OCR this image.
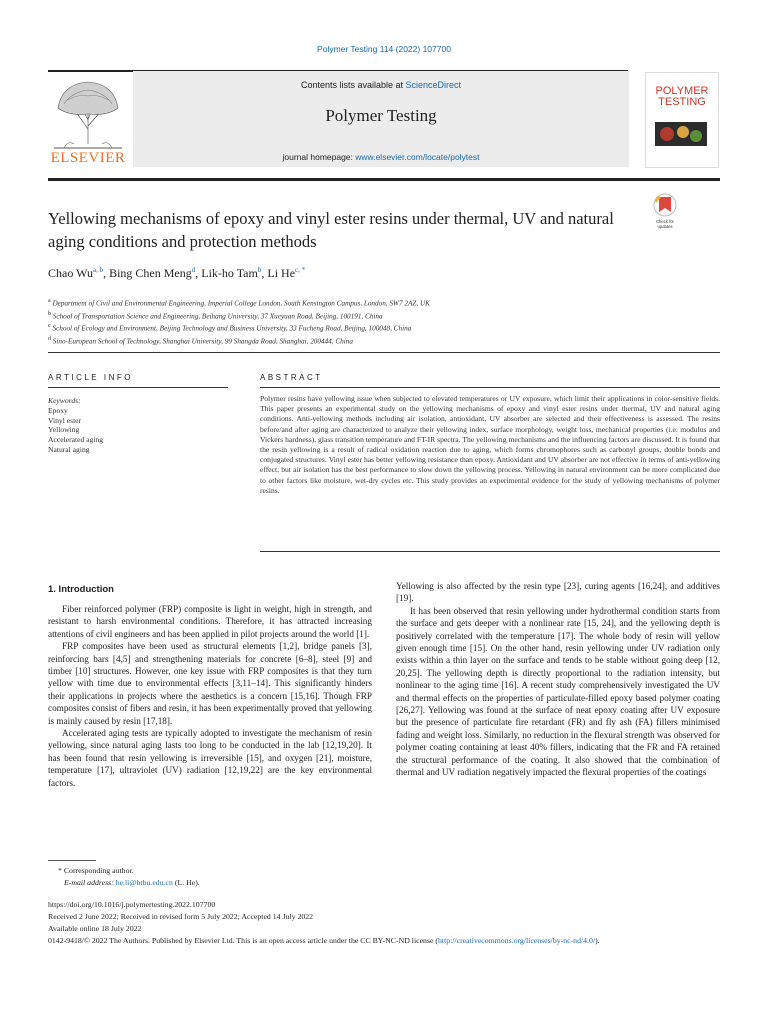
Polymer Testing 114 (2022) 107700
ELSEVIER
Contents lists available at ScienceDirect
Polymer Testing
journal homepage: www.elsevier.com/locate/polytest
POLYMER
TESTING
Yellowing mechanisms of epoxy and vinyl ester resins under thermal, UV and natural aging conditions and protection methods
Check for
updates
Chao Wu$^{a, b}$, Bing Chen Meng$^d$, Lik-ho Tam$^b$, Li $He^{c, *}$
$^a$ Department of Civil and Environmental Engineering, Imperial College London, South Kensington Campus, London, SW7 2AZ, UK
$^b$ School of Transportation Science and Engineering, Beihang University, 37 Xueyuan Road, Beijing, 100191, China
$^c$ School of Ecology and Environment, Beijing Technology and Business University, 33 Fucheng Road, Beijing, 100048, China
$^d$ Sino-European School of Technology, Shanghai University, 99 Shangda Road, Shanghai, 200444, China
ARTICLE INFO
Keywords:
Epoxy
Vinyl ester
Yellowing
Accelerated aging
Natural aging
ABSTRACT
Polymer resins have yellowing issue when subjected to elevated temperatures or UV exposure, which limit their applications in color-sensitive fields. This paper presents an experimental study on the yellowing mechanisms of epoxy and vinyl ester resins under thermal, UV and natural aging conditions. Anti-yellowing methods including air isolation, antioxidant, UV absorber are selected and their effectiveness is assessed. The resins before/and after aging are characterized to analyze their yellowing index, surface morphology, weight loss, mechanical properties (i.e. modulus and Vickers hardness), glass transition temperature and FT-IR spectra. The yellowing mechanisms and the influencing factors are discussed. It is found that the resin yellowing is a result of radical oxidation reaction due to aging, which forms chromophores such as carbonyl groups, double bonds and conjugated structures. Vinyl ester has better yellowing resistance than epoxy. Antioxidant and UV absorber are not effective in terms of anti-yellowing effect, but air isolation has the best performance to slow down the yellowing process. Yellowing in natural environment can be more complicated due to other factors like moisture, wet-dry cycles etc. This study provides an experimental evidence for the study of yellowing mechanisms of polymer resins.
1. Introduction

Fiber reinforced polymer (FRP) composite is light in weight, high in strength, and resistant to harsh environmental conditions. Therefore, it has attracted increasing attentions of civil engineers and has been applied in pilot projects around the world [1].

FRP composites have been used as structural elements [1,2], bridge panels [3], reinforcing bars [4,5] and strengthening materials for concrete [6–8], steel [9] and timber [10] structures. However, one key issue with FRP composites is that they turn yellow with time due to environmental effects [3,11–14]. This significantly hinders their applications in projects where the aesthetics is a concern [15,16]. Though FRP composites consist of fibers and resin, it has been experimentally proved that yellowing is mainly caused by resin [17,18].

Accelerated aging tests are typically adopted to investigate the mechanism of resin yellowing, since natural aging lasts too long to be conducted in the lab [12,19,20]. It has been found that resin yellowing is irreversible [15], and oxygen [21], moisture, temperature [17], ultraviolet (UV) radiation [12,19,22] are the key environmental factors.

Yellowing is also affected by the resin type [23], curing agents [16,24], and additives [19].

It has been observed that resin yellowing under hydrothermal condition starts from the surface and gets deeper with a nonlinear rate [15, 24], and the yellowing depth is positively correlated with the temperature [17]. The whole body of resin will yellow given enough time [15]. On the other hand, resin yellowing under UV radiation only exists within a thin layer on the surface and tends to be stable without going deep [12, 20,25]. The yellowing depth is directly proportional to the radiation intensity, but nonlinear to the aging time [16]. A recent study comprehensively investigated the UV and thermal effects on the properties of particulate-filled epoxy based polymer coating [26,27]. Yellowing was found at the surface of neat epoxy coating after UV exposure but the presence of particulate fire retardant (FR) and fly ash (FA) fillers minimised fading and weight loss. Similarly, no reduction in the flexural strength was observed for polymer coating containing at least 40% fillers, indicating that the FR and FA retained the structural performance of the coating. It also showed that the combination of thermal and UV radiation negatively impacted the flexural properties of the coatings

* Corresponding author.
E-mail address: he.li@btbu.edu.cn (L. He).
https://doi.org/10.1016/j.polymertesting.2022.107700
Received 2 June 2022; Received in revised form 5 July 2022; Accepted 14 July 2022
Available online 18 July 2022
0142-9418/© 2022 The Authors. Published by Elsevier Ltd. This is an open access article under the CC BY-NC-ND license (http://creativecommons.org/licenses/by-nc-nd/4.0/).
